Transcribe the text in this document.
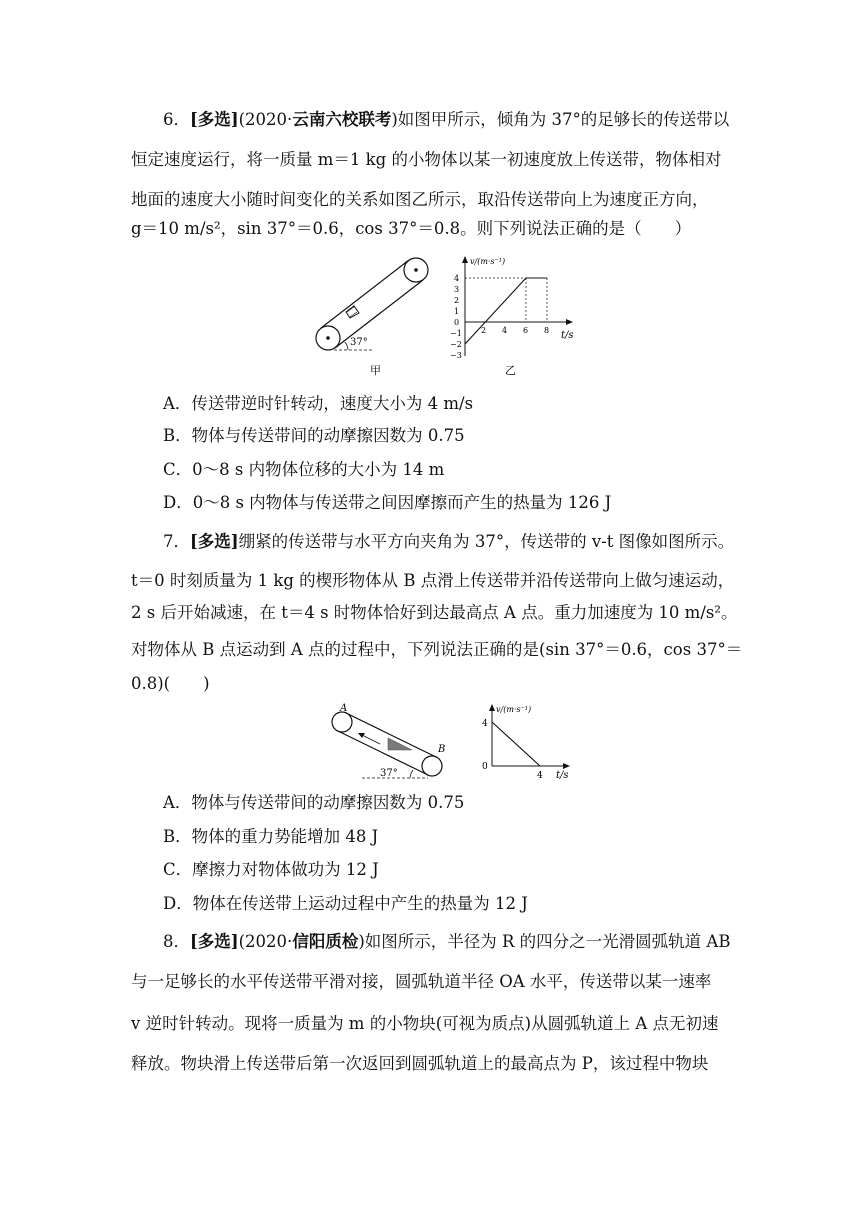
6．[多选](2020·云南六校联考)如图甲所示，倾角为 37°的足够长的传送带以
恒定速度运行，将一质量 m＝1 kg 的小物体以某一初速度放上传送带，物体相对
地面的速度大小随时间变化的关系如图乙所示，取沿传送带向上为速度正方向，
g＝10 m/s²，sin 37°＝0.6，cos 37°＝0.8。则下列说法正确的是（　　）
37°
甲
v/(m·s⁻¹)
t/s
4
3
2
1
0
−1
−2
−3
2 4 6 8
乙
A．传送带逆时针转动，速度大小为 4 m/s
B．物体与传送带间的动摩擦因数为 0.75
C．0～8 s 内物体位移的大小为 14 m
D．0～8 s 内物体与传送带之间因摩擦而产生的热量为 126 J
7．[多选]绷紧的传送带与水平方向夹角为 37°，传送带的 v-t 图像如图所示。
t＝0 时刻质量为 1 kg 的楔形物体从 B 点滑上传送带并沿传送带向上做匀速运动，
2 s 后开始减速，在 t＝4 s 时物体恰好到达最高点 A 点。重力加速度为 10 m/s²。
对物体从 B 点运动到 A 点的过程中，下列说法正确的是(sin 37°＝0.6，cos 37°＝
0.8)(　　)
37°
A
B
v/(m·s⁻¹)
t/s
4
0
4
A．物体与传送带间的动摩擦因数为 0.75
B．物体的重力势能增加 48 J
C．摩擦力对物体做功为 12 J
D．物体在传送带上运动过程中产生的热量为 12 J
8．[多选](2020·信阳质检)如图所示，半径为 R 的四分之一光滑圆弧轨道 AB
与一足够长的水平传送带平滑对接，圆弧轨道半径 OA 水平，传送带以某一速率
v 逆时针转动。现将一质量为 m 的小物块(可视为质点)从圆弧轨道上 A 点无初速
释放。物块滑上传送带后第一次返回到圆弧轨道上的最高点为 P，该过程中物块
